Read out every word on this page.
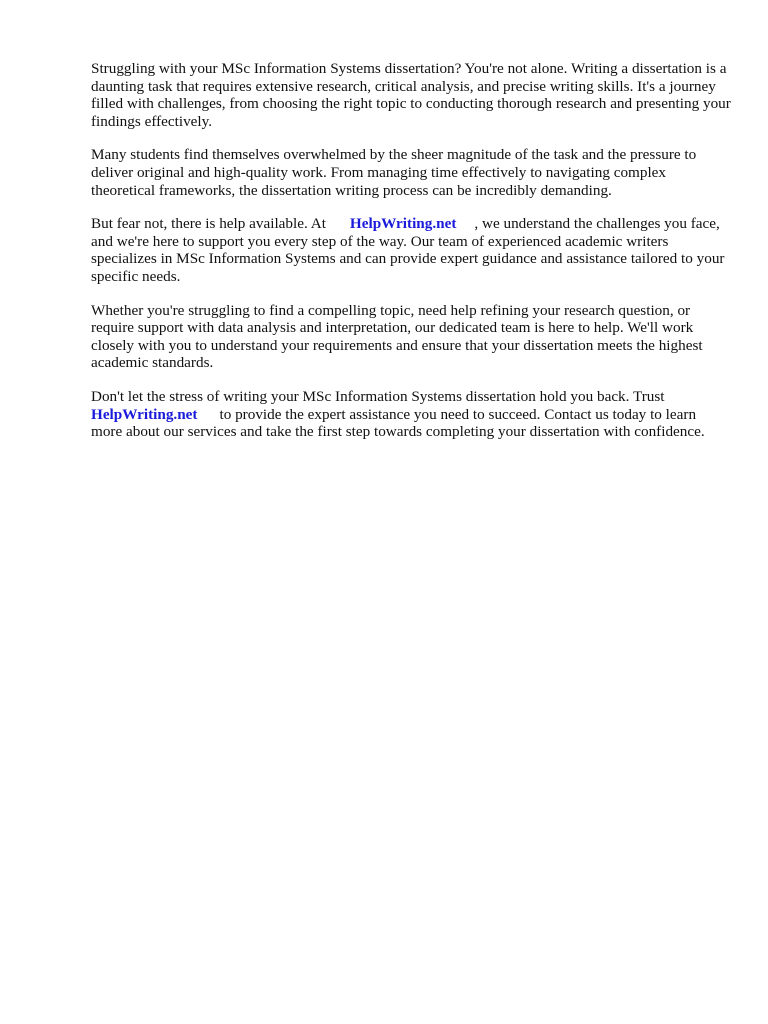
Struggling with your MSc Information Systems dissertation? You're not alone. Writing a dissertation is a daunting task that requires extensive research, critical analysis, and precise writing skills. It's a journey filled with challenges, from choosing the right topic to conducting thorough research and presenting your findings effectively.

Many students find themselves overwhelmed by the sheer magnitude of the task and the pressure to deliver original and high-quality work. From managing time effectively to navigating complex theoretical frameworks, the dissertation writing process can be incredibly demanding.

But fear not, there is help available. At HelpWriting.net , we understand the challenges you face, and we're here to support you every step of the way. Our team of experienced academic writers specializes in MSc Information Systems and can provide expert guidance and assistance tailored to your specific needs.

Whether you're struggling to find a compelling topic, need help refining your research question, or require support with data analysis and interpretation, our dedicated team is here to help. We'll work closely with you to understand your requirements and ensure that your dissertation meets the highest academic standards.

Don't let the stress of writing your MSc Information Systems dissertation hold you back. Trust
HelpWriting.net to provide the expert assistance you need to succeed. Contact us today to learn more about our services and take the first step towards completing your dissertation with confidence.
